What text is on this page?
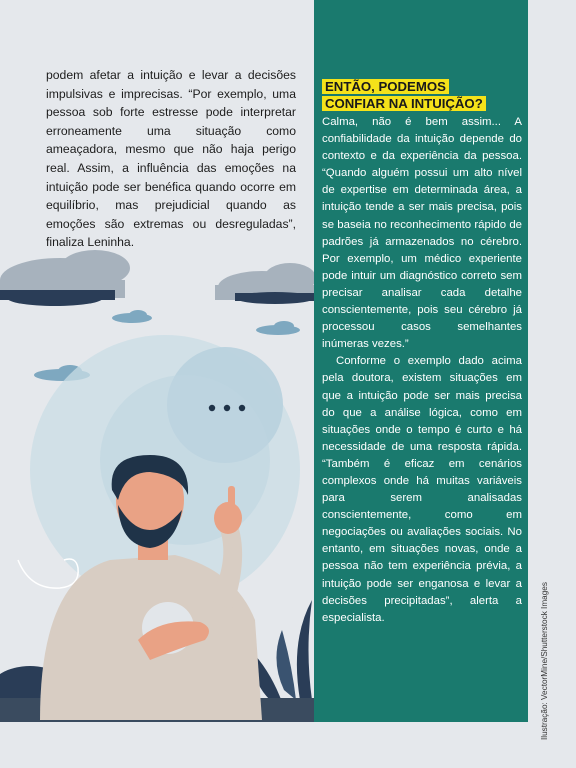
podem afetar a intuição e levar a decisões impulsivas e imprecisas. “Por exemplo, uma pessoa sob forte estresse pode interpretar erroneamente uma situação como ameaçadora, mesmo que não haja perigo real. Assim, a influência das emoções na intuição pode ser benéfica quando ocorre em equilíbrio, mas prejudicial quando as emoções são extremas ou desreguladas”, finaliza Leninha.

ENTÃO, PODEMOS
CONFIAR NA INTUIÇÃO?

Calma, não é bem assim... A confiabilidade da intuição depende do contexto e da experiência da pessoa. “Quando alguém possui um alto nível de expertise em determinada área, a intuição tende a ser mais precisa, pois se baseia no reconhecimento rápido de padrões já armazenados no cérebro. Por exemplo, um médico experiente pode intuir um diagnóstico correto sem precisar analisar cada detalhe conscientemente, pois seu cérebro já processou casos semelhantes inúmeras vezes.”

Conforme o exemplo dado acima pela doutora, existem situações em que a intuição pode ser mais precisa do que a análise lógica, como em situações onde o tempo é curto e há necessidade de uma resposta rápida. “Também é eficaz em cenários complexos onde há muitas variáveis para serem analisadas conscientemente, como em negociações ou avaliações sociais. No entanto, em situações novas, onde a pessoa não tem experiência prévia, a intuição pode ser enganosa e levar a decisões precipitadas”, alerta a especialista.	Ilustração: VectorMine/Shutterstock Images
